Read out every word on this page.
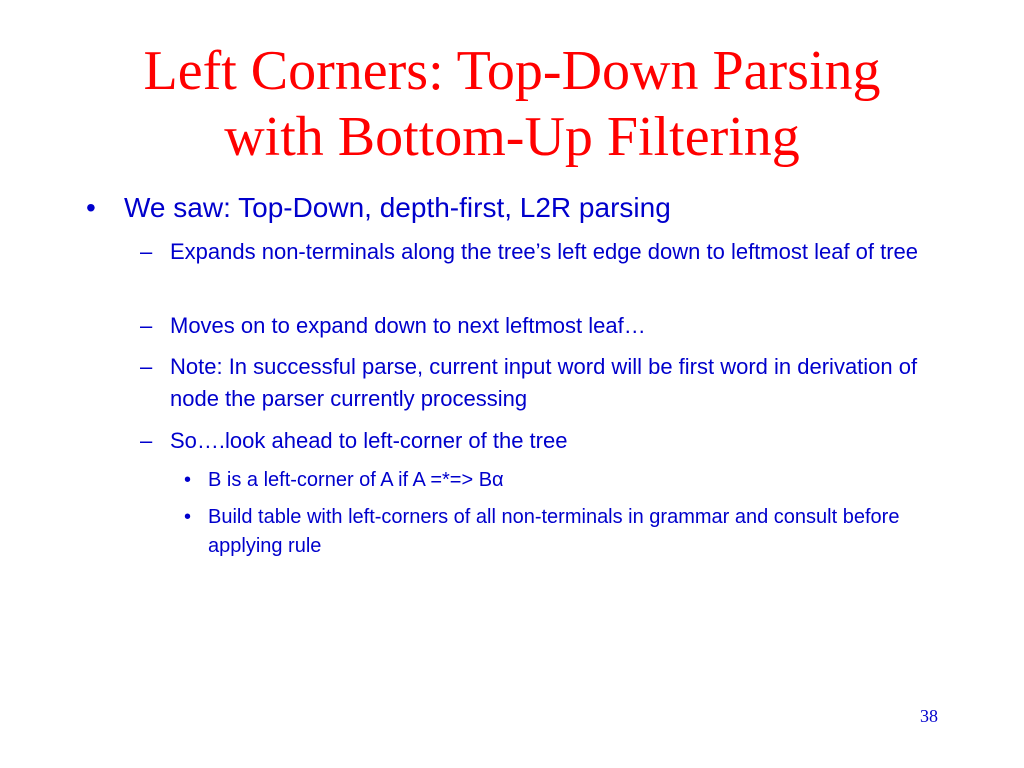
Left Corners: Top-Down Parsing
with Bottom-Up Filtering
• We saw: Top-Down, depth-first, L2R parsing
– Expands non-terminals along the tree’s left edge down to leftmost leaf of tree
– Moves on to expand down to next leftmost leaf…
– Note: In successful parse, current input word will be first word in derivation of node the parser currently processing
– So….look ahead to left-corner of the tree
• B is a left-corner of A if A =*=> Bα
• Build table with left-corners of all non-terminals in grammar and consult before applying rule
38
